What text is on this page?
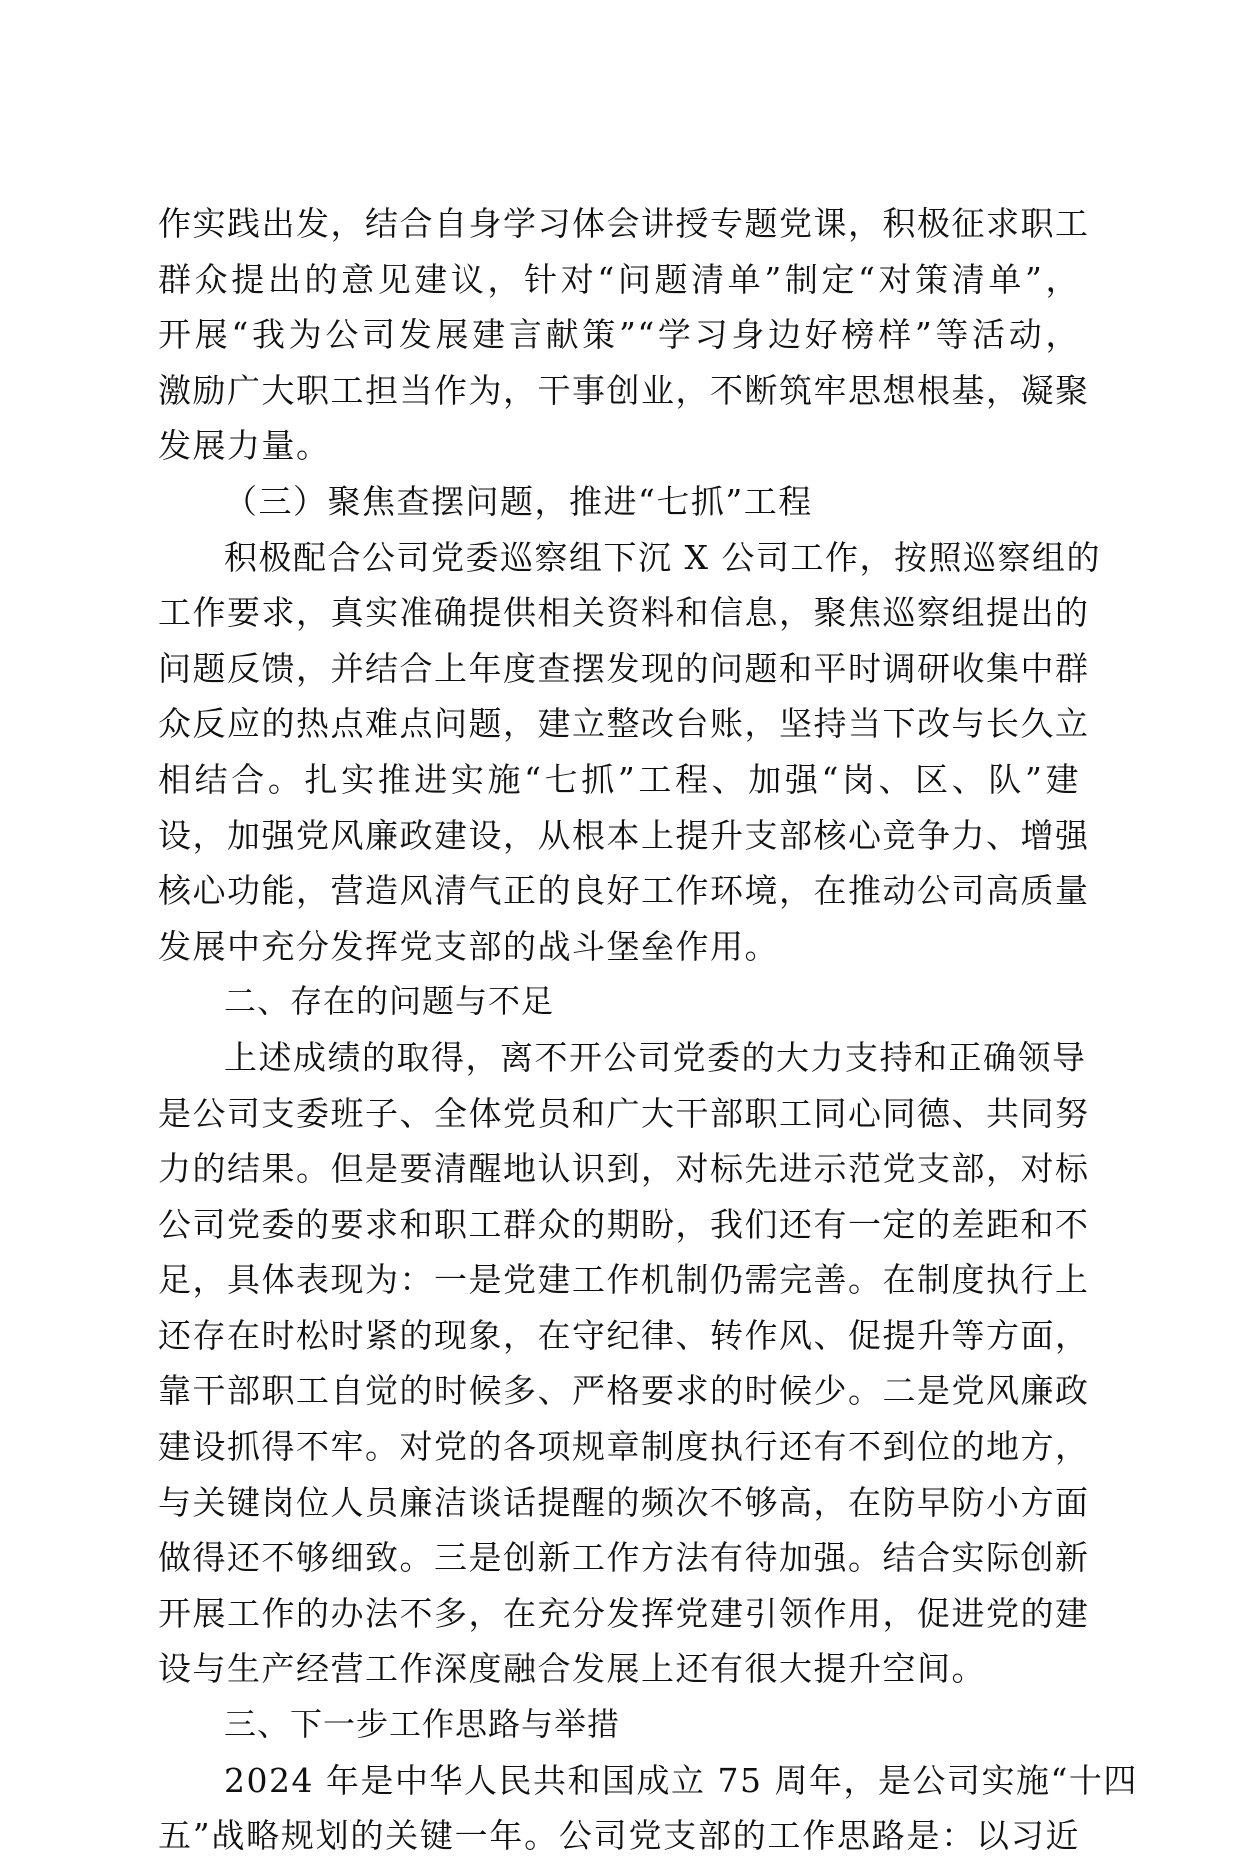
作实践出发，结合自身学习体会讲授专题党课，积极征求职工
群众提出的意见建议，针对“问题清单”制定“对策清单”，
开展“我为公司发展建言献策”“学习身边好榜样”等活动，
激励广大职工担当作为，干事创业，不断筑牢思想根基，凝聚
发展力量。
（三）聚焦查摆问题，推进“七抓”工程
积极配合公司党委巡察组下沉 X 公司工作，按照巡察组的
工作要求，真实准确提供相关资料和信息，聚焦巡察组提出的
问题反馈，并结合上年度查摆发现的问题和平时调研收集中群
众反应的热点难点问题，建立整改台账，坚持当下改与长久立
相结合。扎实推进实施“七抓”工程、加强“岗、区、队”建
设，加强党风廉政建设，从根本上提升支部核心竞争力、增强
核心功能，营造风清气正的良好工作环境，在推动公司高质量
发展中充分发挥党支部的战斗堡垒作用。
二、存在的问题与不足
上述成绩的取得，离不开公司党委的大力支持和正确领导
是公司支委班子、全体党员和广大干部职工同心同德、共同努
力的结果。但是要清醒地认识到，对标先进示范党支部，对标
公司党委的要求和职工群众的期盼，我们还有一定的差距和不
足，具体表现为：一是党建工作机制仍需完善。在制度执行上
还存在时松时紧的现象，在守纪律、转作风、促提升等方面，
靠干部职工自觉的时候多、严格要求的时候少。二是党风廉政
建设抓得不牢。对党的各项规章制度执行还有不到位的地方，
与关键岗位人员廉洁谈话提醒的频次不够高，在防早防小方面
做得还不够细致。三是创新工作方法有待加强。结合实际创新
开展工作的办法不多，在充分发挥党建引领作用，促进党的建
设与生产经营工作深度融合发展上还有很大提升空间。
三、下一步工作思路与举措
2024 年是中华人民共和国成立 75 周年，是公司实施“十四
五”战略规划的关键一年。公司党支部的工作思路是：以习近
